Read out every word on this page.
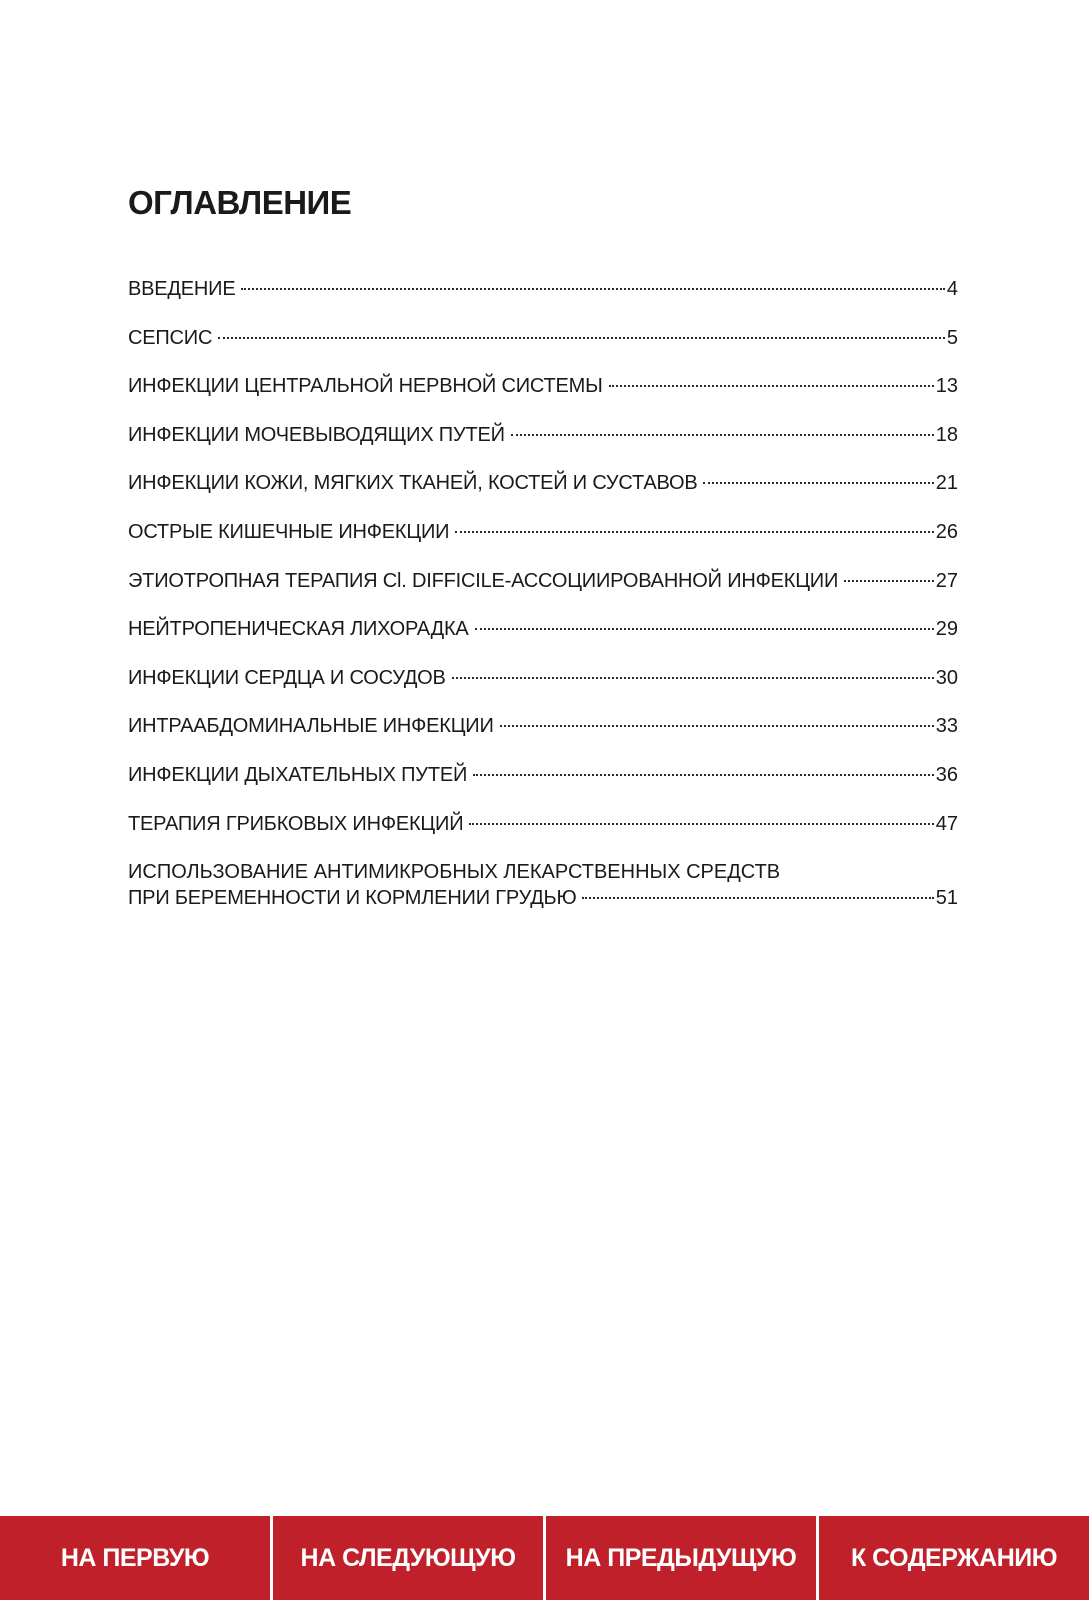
ОГЛАВЛЕНИЕ
ВВЕДЕНИЕ	4
СЕПСИС	5
ИНФЕКЦИИ ЦЕНТРАЛЬНОЙ НЕРВНОЙ СИСТЕМЫ	13
ИНФЕКЦИИ МОЧЕВЫВОДЯЩИХ ПУТЕЙ	18
ИНФЕКЦИИ КОЖИ, МЯГКИХ ТКАНЕЙ, КОСТЕЙ И СУСТАВОВ	21
ОСТРЫЕ КИШЕЧНЫЕ ИНФЕКЦИИ	26
ЭТИОТРОПНАЯ ТЕРАПИЯ Cl. DIFFICILE-АССОЦИИРОВАННОЙ ИНФЕКЦИИ	27
НЕЙТРОПЕНИЧЕСКАЯ ЛИХОРАДКА	29
ИНФЕКЦИИ СЕРДЦА И СОСУДОВ	30
ИНТРААБДОМИНАЛЬНЫЕ ИНФЕКЦИИ	33
ИНФЕКЦИИ ДЫХАТЕЛЬНЫХ ПУТЕЙ	36
ТЕРАПИЯ ГРИБКОВЫХ ИНФЕКЦИЙ	47
ИСПОЛЬЗОВАНИЕ АНТИМИКРОБНЫХ ЛЕКАРСТВЕННЫХ СРЕДСТВ
ПРИ БЕРЕМЕННОСТИ И КОРМЛЕНИИ ГРУДЬЮ	51
НА ПЕРВУЮ	НА СЛЕДУЮЩУЮ	НА ПРЕДЫДУЩУЮ	К СОДЕРЖАНИЮ
